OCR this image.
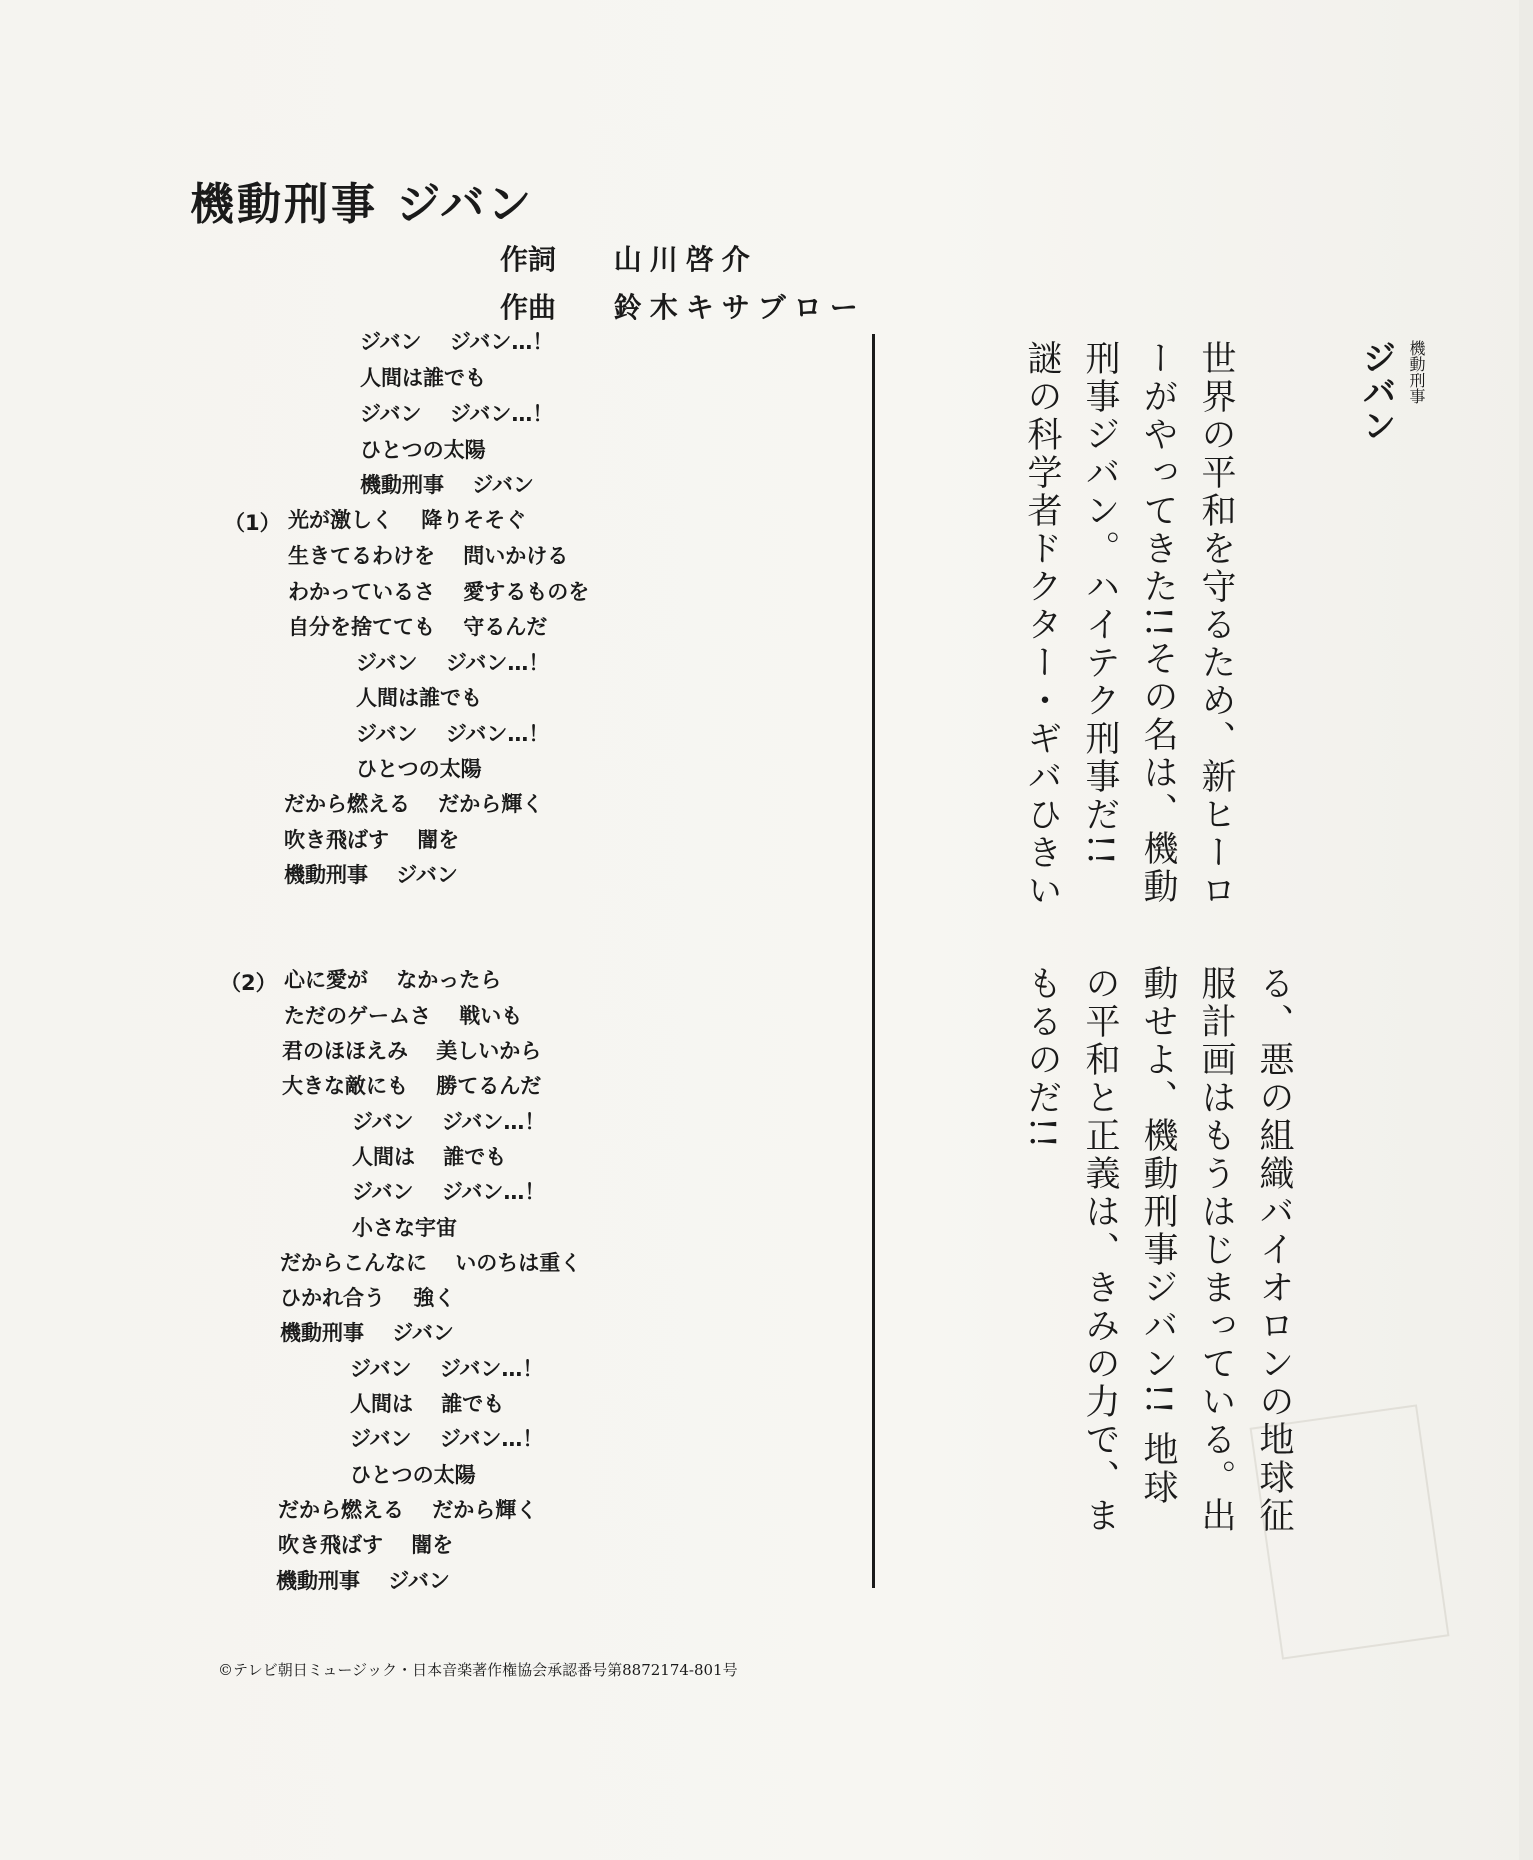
機動刑事 ジバン
作詞 山川啓介
作曲 鈴木キサブロー
ジバン　 ジバン…！
人間は誰でも
ジバン　 ジバン…！
ひとつの太陽
機動刑事　 ジバン
光が激しく　 降りそそぐ
生きてるわけを　 問いかける
わかっているさ　 愛するものを
自分を捨てても　 守るんだ
ジバン　 ジバン…！
人間は誰でも
ジバン　 ジバン…！
ひとつの太陽
だから燃える　 だから輝く
吹き飛ばす　 闇を
機動刑事　 ジバン
心に愛が　 なかったら
ただのゲームさ　 戦いも
君のほほえみ　 美しいから
大きな敵にも　 勝てるんだ
ジバン　 ジバン…！
人間は　 誰でも
ジバン　 ジバン…！
小さな宇宙
だからこんなに　 いのちは重く
ひかれ合う　 強く
機動刑事　 ジバン
ジバン　 ジバン…！
人間は　 誰でも
ジバン　 ジバン…！
ひとつの太陽
だから燃える　 だから輝く
吹き飛ばす　 闇を
機動刑事　 ジバン
（1）
（2）
機動刑事
ジバン
世界の平和を守るため、新ヒーロ
ーがやってきた!!その名は、機動
刑事ジバン。ハイテク刑事だ!!
謎の科学者ドクター・ギバひきい
る、悪の組織バイオロンの地球征
服計画はもうはじまっている。出
動せよ、機動刑事ジバン!! 地球
の平和と正義は、きみの力で、ま
もるのだ!!
©テレビ朝日ミュージック・日本音楽著作権協会承認番号第8872174-801号
